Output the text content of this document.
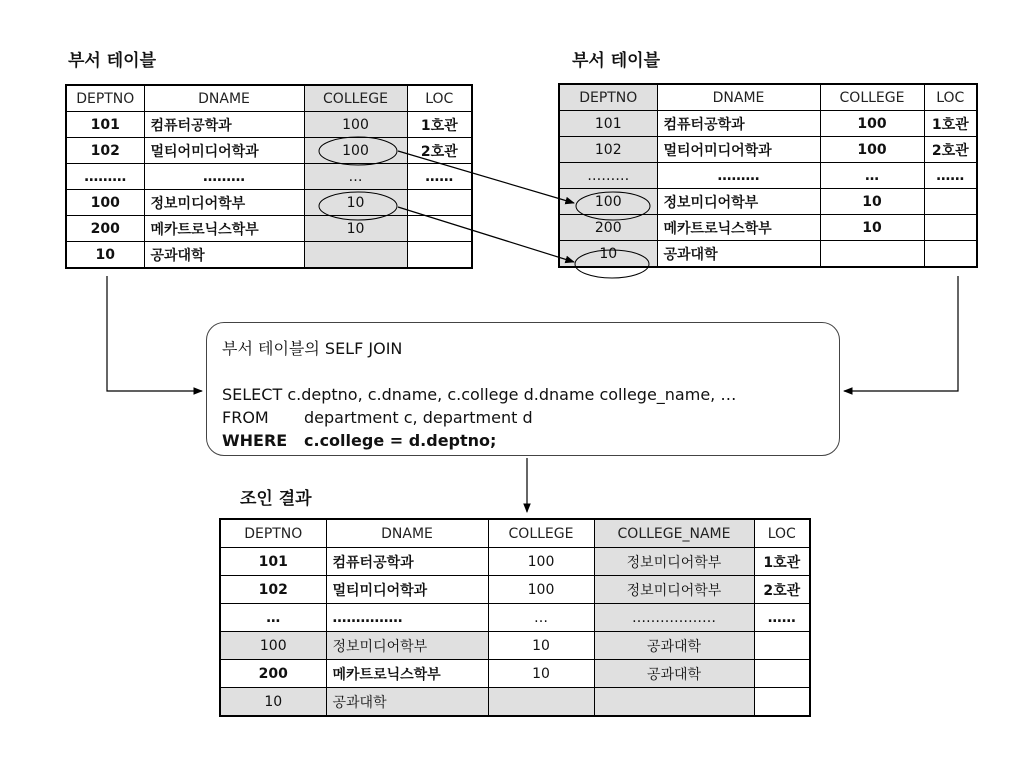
부서 테이블

DEPTNO	DNAME	COLLEGE	LOC
101	컴퓨터공학과	100	1호관
102	멀티어미디어학과	100	2호관
………	………	…	……
100	정보미디어학부	10	
200	메카트로닉스학부	10	
10	공과대학		

부서 테이블

DEPTNO	DNAME	COLLEGE	LOC
101	컴퓨터공학과	100	1호관
102	멀티어미디어학과	100	2호관
………	………	…	……
100	정보미디어학부	10	
200	메카트로닉스학부	10	
10	공과대학		

부서 테이블의 SELF JOIN

SELECT c.deptno, c.dname, c.college d.dname college_name, …

FROM department c, department d

WHERE c.college = d.deptno;

조인 결과

DEPTNO	DNAME	COLLEGE	COLLEGE_NAME	LOC
101	컴퓨터공학과	100	정보미디어학부	1호관
102	멀티미디어학과	100	정보미디어학부	2호관
…	……………	…	………………	……
100	정보미디어학부	10	공과대학	
200	메카트로닉스학부	10	공과대학	
10	공과대학			
